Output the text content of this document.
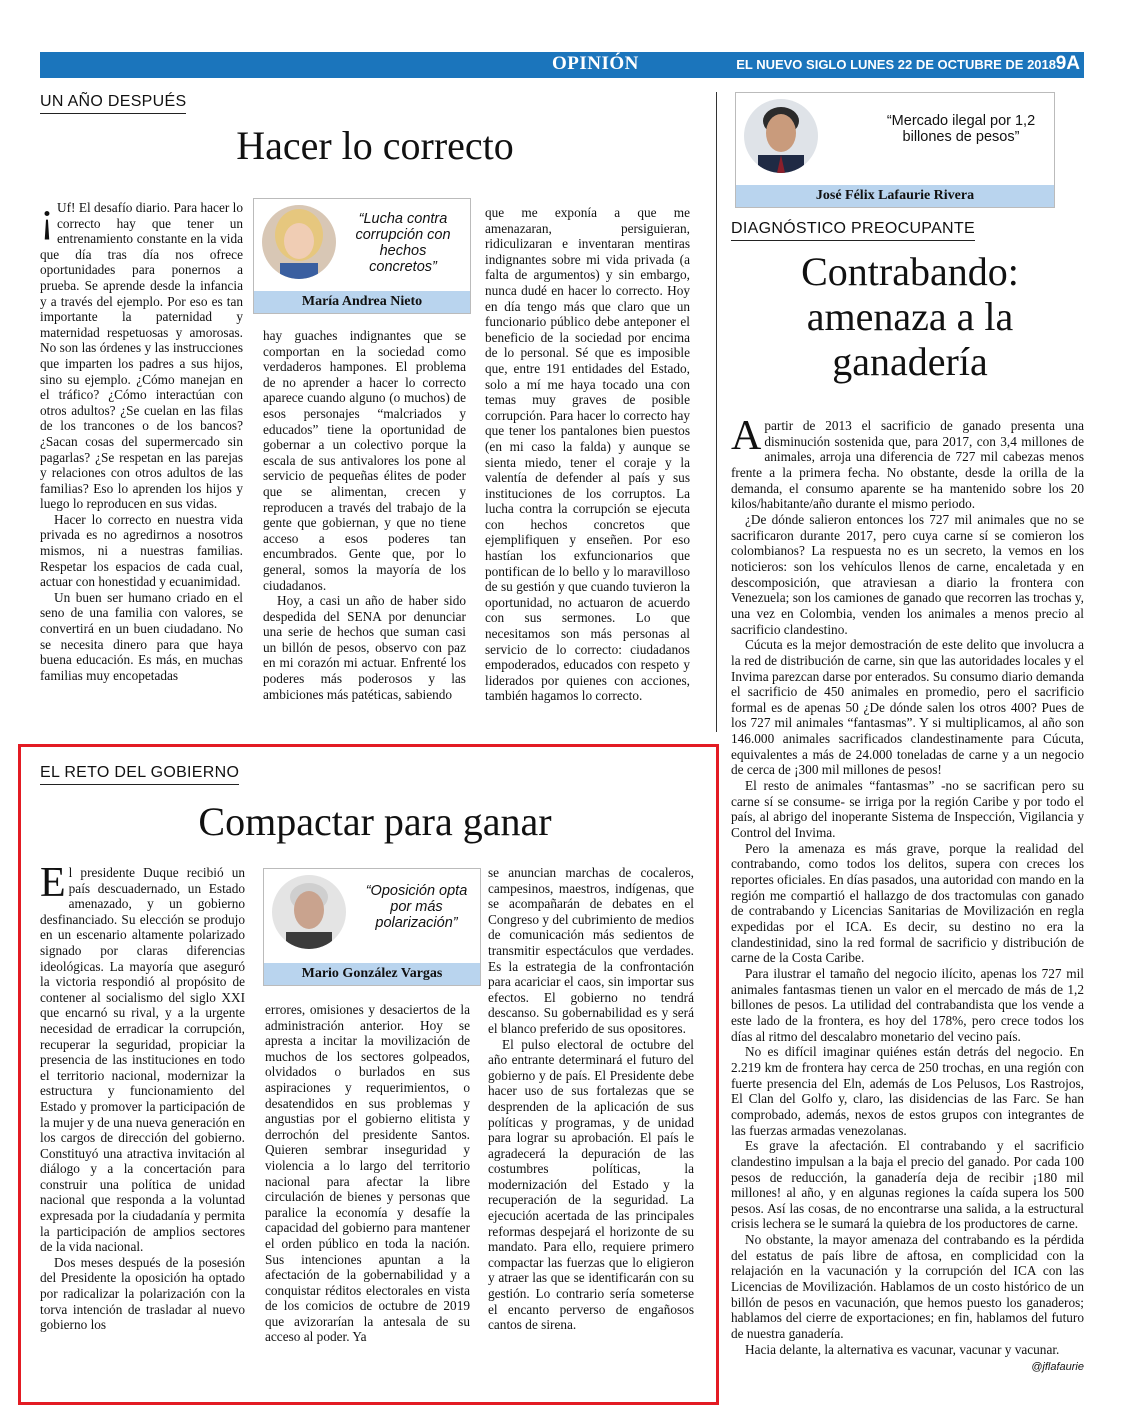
OPINIÓN	EL NUEVO SIGLO LUNES 22 DE OCTUBRE DE 2018 9A
UN AÑO DESPUÉS
Hacer lo correcto

¡ Uf! El desafío diario. Para hacer lo correcto hay que tener un entrenamiento constante en la vida que día tras día nos ofrece oportunidades para ponernos a prueba. Se aprende desde la infancia y a través del ejemplo. Por eso es tan importante la paternidad y maternidad respetuosas y amorosas. No son las órdenes y las instrucciones que imparten los padres a sus hijos, sino su ejemplo. ¿Cómo manejan en el tráfico? ¿Cómo interactúan con otros adultos? ¿Se cuelan en las filas de los trancones o de los bancos? ¿Sacan cosas del supermercado sin pagarlas? ¿Se respetan en las parejas y relaciones con otros adultos de las familias? Eso lo aprenden los hijos y luego lo reproducen en sus vidas.

Hacer lo correcto en nuestra vida privada es no agredirnos a nosotros mismos, ni a nuestras familias. Respetar los espacios de cada cual, actuar con honestidad y ecuanimidad.

Un buen ser humano criado en el seno de una familia con valores, se convertirá en un buen ciudadano. No se necesita dinero para que haya buena educación. Es más, en muchas familias muy encopetadas

“Lucha contra corrupción con hechos concretos”
María Andrea Nieto

hay guaches indignantes que se comportan en la sociedad como verdaderos hampones. El problema de no aprender a hacer lo correcto aparece cuando alguno (o muchos) de esos personajes “malcriados y educados” tiene la oportunidad de gobernar a un colectivo porque la escala de sus antivalores los pone al servicio de pequeñas élites de poder que se alimentan, crecen y reproducen a través del trabajo de la gente que gobiernan, y que no tiene acceso a esos poderes tan encumbrados. Gente que, por lo general, somos la mayoría de los ciudadanos.

Hoy, a casi un año de haber sido despedida del SENA por denunciar una serie de hechos que suman casi un billón de pesos, observo con paz en mi corazón mi actuar. Enfrenté los poderes más poderosos y las ambiciones más patéticas, sabiendo

que me exponía a que me amenazaran, persiguieran, ridiculizaran e inventaran mentiras indignantes sobre mi vida privada (a falta de argumentos) y sin embargo, nunca dudé en hacer lo correcto. Hoy en día tengo más que claro que un funcionario público debe anteponer el beneficio de la sociedad por encima de lo personal. Sé que es imposible que, entre 191 entidades del Estado, solo a mí me haya tocado una con temas muy graves de posible corrupción. Para hacer lo correcto hay que tener los pantalones bien puestos (en mi caso la falda) y aunque se sienta miedo, tener el coraje y la valentía de defender al país y sus instituciones de los corruptos. La lucha contra la corrupción se ejecuta con hechos concretos que ejemplifiquen y enseñen. Por eso hastían los exfuncionarios que pontifican de lo bello y lo maravilloso de su gestión y que cuando tuvieron la oportunidad, no actuaron de acuerdo con sus sermones. Lo que necesitamos son más personas al servicio de lo correcto: ciudadanos empoderados, educados con respeto y liderados por quienes con acciones, también hagamos lo correcto.

“Mercado ilegal por 1,2 billones de pesos”
José Félix Lafaurie Rivera
DIAGNÓSTICO PREOCUPANTE
Contrabando: amenaza a la ganadería

Apartir de 2013 el sacrificio de ganado presenta una disminución sostenida que, para 2017, con 3,4 millones de animales, arroja una diferencia de 727 mil cabezas menos frente a la primera fecha. No obstante, desde la orilla de la demanda, el consumo aparente se ha mantenido sobre los 20 kilos/habitante/año durante el mismo periodo.

¿De dónde salieron entonces los 727 mil animales que no se sacrificaron durante 2017, pero cuya carne sí se comieron los colombianos? La respuesta no es un secreto, la vemos en los noticieros: son los vehículos llenos de carne, encaletada y en descomposición, que atraviesan a diario la frontera con Venezuela; son los camiones de ganado que recorren las trochas y, una vez en Colombia, venden los animales a menos precio al sacrificio clandestino.

Cúcuta es la mejor demostración de este delito que involucra a la red de distribución de carne, sin que las autoridades locales y el Invima parezcan darse por enterados. Su consumo diario demanda el sacrificio de 450 animales en promedio, pero el sacrificio formal es de apenas 50 ¿De dónde salen los otros 400? Pues de los 727 mil animales “fantasmas”. Y si multiplicamos, al año son 146.000 animales sacrificados clandestinamente para Cúcuta, equivalentes a más de 24.000 toneladas de carne y a un negocio de cerca de ¡300 mil millones de pesos!

El resto de animales “fantasmas” -no se sacrifican pero su carne sí se consume- se irriga por la región Caribe y por todo el país, al abrigo del inoperante Sistema de Inspección, Vigilancia y Control del Invima.

Pero la amenaza es más grave, porque la realidad del contrabando, como todos los delitos, supera con creces los reportes oficiales. En días pasados, una autoridad con mando en la región me compartió el hallazgo de dos tractomulas con ganado de contrabando y Licencias Sanitarias de Movilización en regla expedidas por el ICA. Es decir, su destino no era la clandestinidad, sino la red formal de sacrificio y distribución de carne de la Costa Caribe.

Para ilustrar el tamaño del negocio ilícito, apenas los 727 mil animales fantasmas tienen un valor en el mercado de más de 1,2 billones de pesos. La utilidad del contrabandista que los vende a este lado de la frontera, es hoy del 178%, pero crece todos los días al ritmo del descalabro monetario del vecino país.

No es difícil imaginar quiénes están detrás del negocio. En 2.219 km de frontera hay cerca de 250 trochas, en una región con fuerte presencia del Eln, además de Los Pelusos, Los Rastrojos, El Clan del Golfo y, claro, las disidencias de las Farc. Se han comprobado, además, nexos de estos grupos con integrantes de las fuerzas armadas venezolanas.

Es grave la afectación. El contrabando y el sacrificio clandestino impulsan a la baja el precio del ganado. Por cada 100 pesos de reducción, la ganadería deja de recibir ¡180 mil millones! al año, y en algunas regiones la caída supera los 500 pesos. Así las cosas, de no encontrarse una salida, a la estructural crisis lechera se le sumará la quiebra de los productores de carne.

No obstante, la mayor amenaza del contrabando es la pérdida del estatus de país libre de aftosa, en complicidad con la relajación en la vacunación y la corrupción del ICA con las Licencias de Movilización. Hablamos de un costo histórico de un billón de pesos en vacunación, que hemos puesto los ganaderos; hablamos del cierre de exportaciones; en fin, hablamos del futuro de nuestra ganadería.

Hacia delante, la alternativa es vacunar, vacunar y vacunar.

@jflafaurie
EL RETO DEL GOBIERNO
Compactar para ganar

El presidente Duque recibió un país descuadernado, un Estado amenazado, y un gobierno desfinanciado. Su elección se produjo en un escenario altamente polarizado signado por claras diferencias ideológicas. La mayoría que aseguró la victoria respondió al propósito de contener al socialismo del siglo XXI que encarnó su rival, y a la urgente necesidad de erradicar la corrupción, recuperar la seguridad, propiciar la presencia de las instituciones en todo el territorio nacional, modernizar la estructura y funcionamiento del Estado y promover la participación de la mujer y de una nueva generación en los cargos de dirección del gobierno. Constituyó una atractiva invitación al diálogo y a la concertación para construir una política de unidad nacional que responda a la voluntad expresada por la ciudadanía y permita la participación de amplios sectores de la vida nacional.

Dos meses después de la posesión del Presidente la oposición ha optado por radicalizar la polarización con la torva intención de trasladar al nuevo gobierno los

“Oposición opta por más polarización”
Mario González Vargas

errores, omisiones y desaciertos de la administración anterior. Hoy se apresta a incitar la movilización de muchos de los sectores golpeados, olvidados o burlados en sus aspiraciones y requerimientos, o desatendidos en sus problemas y angustias por el gobierno elitista y derrochón del presidente Santos. Quieren sembrar inseguridad y violencia a lo largo del territorio nacional para afectar la libre circulación de bienes y personas que paralice la economía y desafíe la capacidad del gobierno para mantener el orden público en toda la nación. Sus intenciones apuntan a la afectación de la gobernabilidad y a conquistar réditos electorales en vista de los comicios de octubre de 2019 que avizorarían la antesala de su acceso al poder. Ya

se anuncian marchas de cocaleros, campesinos, maestros, indígenas, que se acompañarán de debates en el Congreso y del cubrimiento de medios de comunicación más sedientos de transmitir espectáculos que verdades. Es la estrategia de la confrontación para acariciar el caos, sin importar sus efectos. El gobierno no tendrá descanso. Su gobernabilidad es y será el blanco preferido de sus opositores.

El pulso electoral de octubre del año entrante determinará el futuro del gobierno y de país. El Presidente debe hacer uso de sus fortalezas que se desprenden de la aplicación de sus políticas y programas, y de unidad para lograr su aprobación. El país le agradecerá la depuración de las costumbres políticas, la modernización del Estado y la recuperación de la seguridad. La ejecución acertada de las principales reformas despejará el horizonte de su mandato. Para ello, requiere primero compactar las fuerzas que lo eligieron y atraer las que se identificarán con su gestión. Lo contrario sería someterse el encanto perverso de engañosos cantos de sirena.
